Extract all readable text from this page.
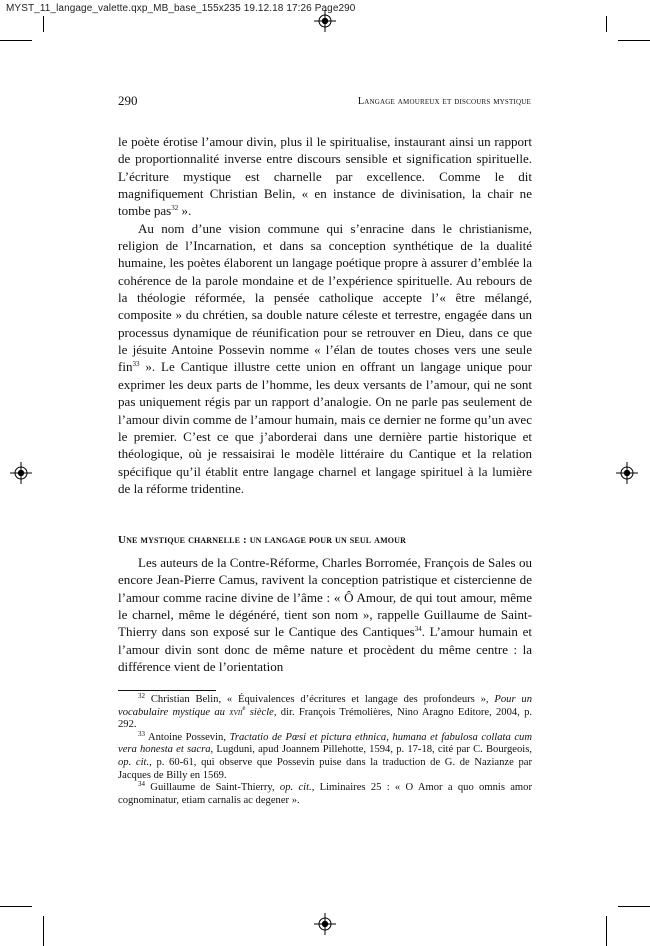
MYST_11_langage_valette.qxp_MB_base_155x235 19.12.18 17:26 Page290
290	Langage amoureux et discours mystique

le poète érotise l’amour divin, plus il le spiritualise, instaurant ainsi un rapport de proportionnalité inverse entre discours sensible et signification spirituelle. L’écriture mystique est charnelle par excellence. Comme le dit magnifiquement Christian Belin, « en instance de divinisation, la chair ne tombe pas$^{32}$ ».

Au nom d’une vision commune qui s’enracine dans le christianisme, religion de l’Incarnation, et dans sa conception synthétique de la dualité humaine, les poètes élaborent un langage poétique propre à assurer d’emblée la cohérence de la parole mondaine et de l’expérience spirituelle. Au rebours de la théologie réformée, la pensée catholique accepte l’« être mélangé, composite » du chrétien, sa double nature céleste et terrestre, engagée dans un processus dynamique de réunification pour se retrouver en Dieu, dans ce que le jésuite Antoine Possevin nomme « l’élan de toutes choses vers une seule fin$^{33}$ ». Le Cantique illustre cette union en offrant un langage unique pour exprimer les deux parts de l’homme, les deux versants de l’amour, qui ne sont pas uniquement régis par un rapport d’analogie. On ne parle pas seulement de l’amour divin comme de l’amour humain, mais ce dernier ne forme qu’un avec le premier. C’est ce que j’aborderai dans une dernière partie historique et théologique, où je ressaisirai le modèle littéraire du Cantique et la relation spécifique qu’il établit entre langage charnel et langage spirituel à la lumière de la réforme tridentine.

Une mystique charnelle : un langage pour un seul amour

Les auteurs de la Contre-Réforme, Charles Borromée, François de Sales ou encore Jean-Pierre Camus, ravivent la conception patristique et cistercienne de l’amour comme racine divine de l’âme : « Ô Amour, de qui tout amour, même le charnel, même le dégénéré, tient son nom », rappelle Guillaume de Saint-Thierry dans son exposé sur le Cantique des Cantiques$^{34}$. L’amour humain et l’amour divin sont donc de même nature et procèdent du même centre : la différence vient de l’orientation

$^{32}$ Christian Belin, « Équivalences d’écritures et langage des profondeurs », Pour un vocabulaire mystique au xvii$^e$ siècle, dir. François Trémolières, Nino Aragno Editore, 2004, p. 292.

$^{33}$ Antoine Possevin, Tractatio de Pœsi et pictura ethnica, humana et fabulosa collata cum vera honesta et sacra, Lugduni, apud Joannem Pillehotte, 1594, p. 17-18, cité par C. Bourgeois, op. cit., p. 60-61, qui observe que Possevin puise dans la traduction de G. de Nazianze par Jacques de Billy en 1569.

$^{34}$ Guillaume de Saint-Thierry, op. cit., Liminaires 25 : « O Amor a quo omnis amor cognominatur, etiam carnalis ac degener ».
